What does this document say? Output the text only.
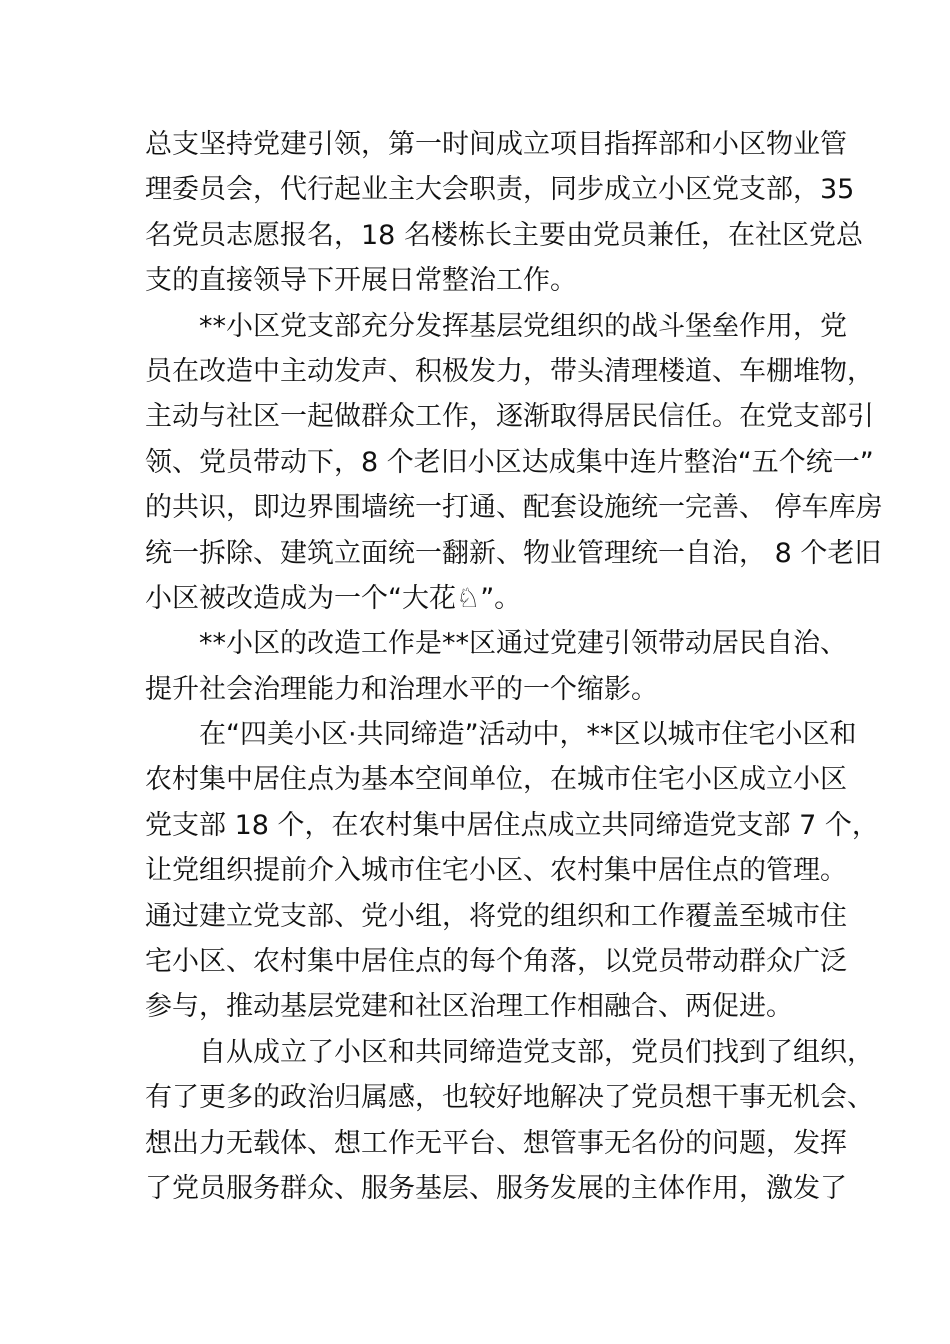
总支坚持党建引领，第一时间成立项目指挥部和小区物业管
理委员会，代行起业主大会职责，同步成立小区党支部，35
名党员志愿报名，18 名楼栋长主要由党员兼任，在社区党总
支的直接领导下开展日常整治工作。
**小区党支部充分发挥基层党组织的战斗堡垒作用，党
员在改造中主动发声、积极发力，带头清理楼道、车棚堆物，
主动与社区一起做群众工作，逐渐取得居民信任。在党支部引
领、党员带动下，8 个老旧小区达成集中连片整治“五个统一”
的共识，即边界围墙统一打通、配套设施统一完善、 停车库房
统一拆除、建筑立面统一翻新、物业管理统一自治， 8 个老旧
小区被改造成为一个“大花♘”。
**小区的改造工作是**区通过党建引领带动居民自治、
提升社会治理能力和治理水平的一个缩影。
在“四美小区·共同缔造”活动中，**区以城市住宅小区和
农村集中居住点为基本空间单位，在城市住宅小区成立小区
党支部 18 个，在农村集中居住点成立共同缔造党支部 7 个，
让党组织提前介入城市住宅小区、农村集中居住点的管理。
通过建立党支部、党小组，将党的组织和工作覆盖至城市住
宅小区、农村集中居住点的每个角落，以党员带动群众广泛
参与，推动基层党建和社区治理工作相融合、两促进。
自从成立了小区和共同缔造党支部，党员们找到了组织，
有了更多的政治归属感，也较好地解决了党员想干事无机会、
想出力无载体、想工作无平台、想管事无名份的问题，发挥
了党员服务群众、服务基层、服务发展的主体作用，激发了
